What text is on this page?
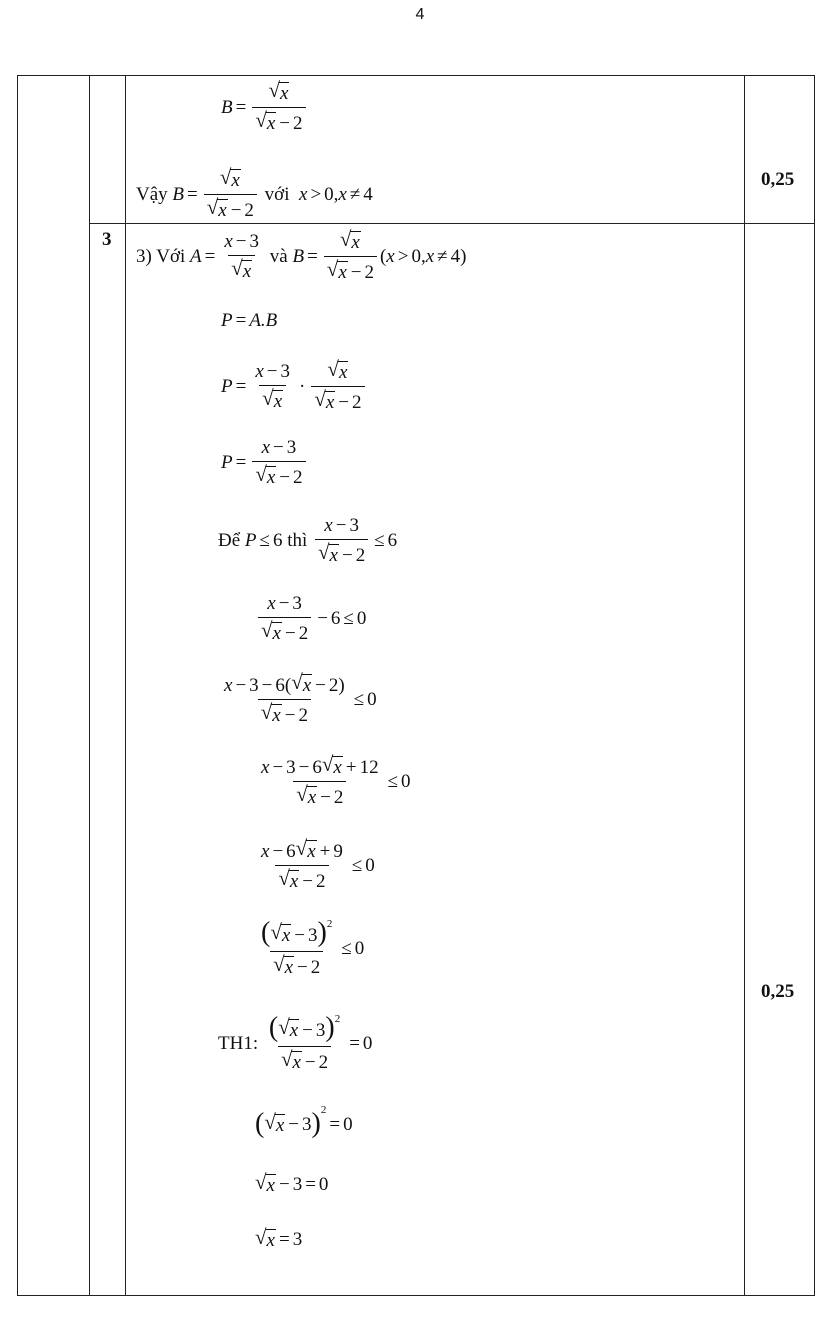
4
0,25
0,25
3
$B = \frac{√ x}{√ x - 2}$
Vậy $B = \frac{√ x}{√ x - 2}$
với x > 0, x ≠ 4
3) Với $A = \frac{x - 3}{√ x}$
và $B = \frac{√ x}{√ x - 2}$ ( x > 0, x ≠ 4)
P = A.B
$P = \frac{x - 3}{√ x} \cdot \frac{√ x}{√ x - 2}$
$P = \frac{x - 3}{√ x - 2}$
Để P ≤ 6
thì
$\frac{x - 3}{√ x - 2} \le 6$
$\frac{x - 3}{√ x - 2} - 6 \le 0$
$\frac{x - 3 - 6( √ x - 2)}{√ x - 2} \le 0$
$\frac{x - 3 - 6 √ x + 12}{√ x - 2} \le 0$
$\frac{x - 6 √ x + 9}{√ x - 2} \le 0$
$\frac{( √ x - 3)^2}{√ x - 2} \le 0$
TH1:
$\frac{( √ x - 3)^2}{√ x - 2} = 0$
( √ x − 3 ) 2
= 0
√ x − 3 = 0
√ x = 3
